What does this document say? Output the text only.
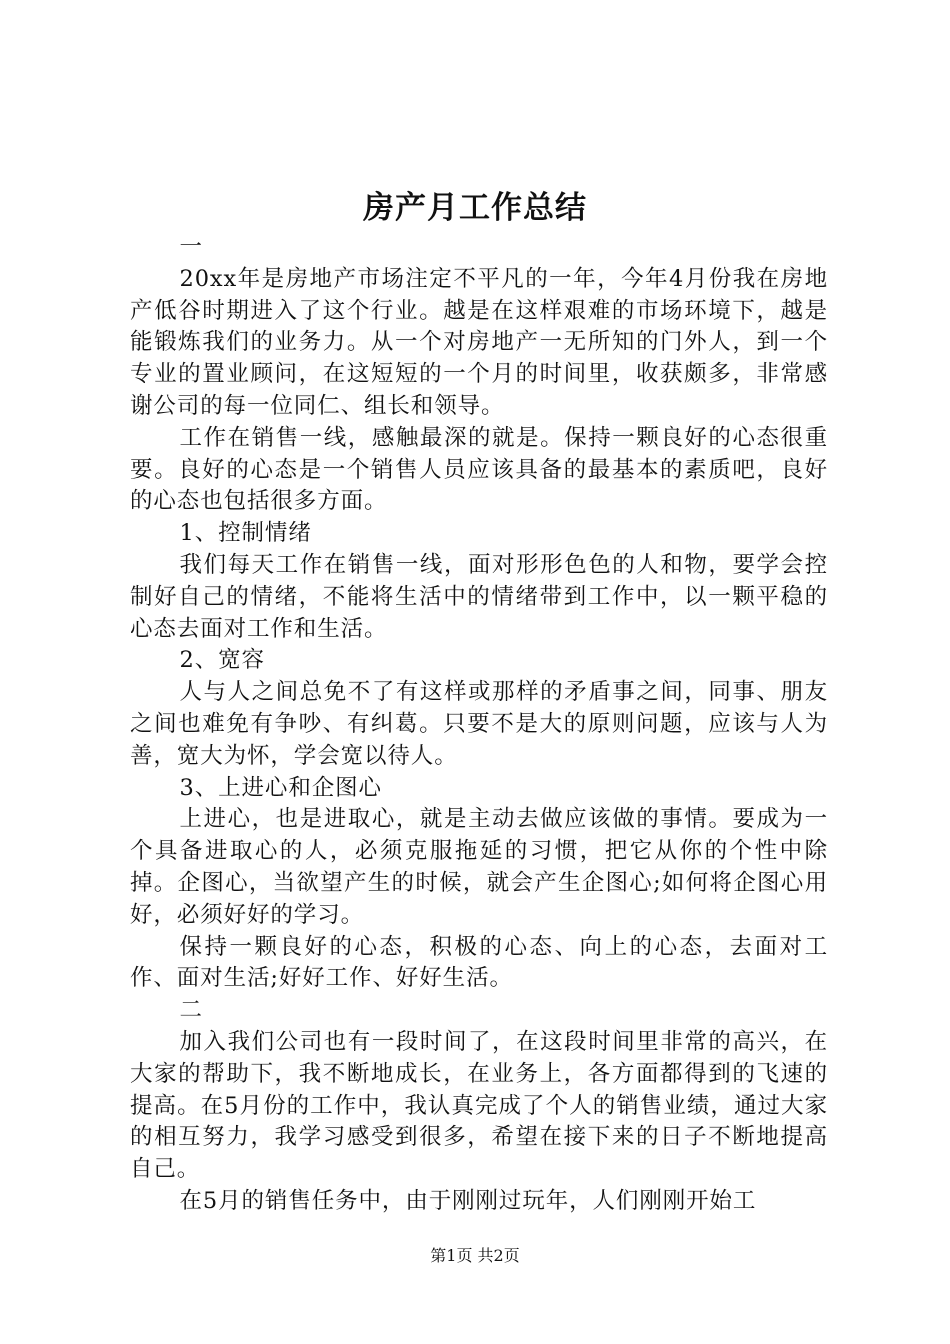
房产月工作总结

一

20xx年是房地产市场注定不平凡的一年，今年4月份我在房地产低谷时期进入了这个行业。越是在这样艰难的市场环境下，越是能锻炼我们的业务力。从一个对房地产一无所知的门外人，到一个专业的置业顾问，在这短短的一个月的时间里，收获颇多，非常感谢公司的每一位同仁、组长和领导。

工作在销售一线，感触最深的就是。保持一颗良好的心态很重要。良好的心态是一个销售人员应该具备的最基本的素质吧，良好的心态也包括很多方面。

1、控制情绪

我们每天工作在销售一线，面对形形色色的人和物，要学会控制好自己的情绪，不能将生活中的情绪带到工作中，以一颗平稳的心态去面对工作和生活。

2、宽容

人与人之间总免不了有这样或那样的矛盾事之间，同事、朋友之间也难免有争吵、有纠葛。只要不是大的原则问题，应该与人为善，宽大为怀，学会宽以待人。

3、上进心和企图心

上进心，也是进取心，就是主动去做应该做的事情。要成为一个具备进取心的人，必须克服拖延的习惯，把它从你的个性中除掉。企图心，当欲望产生的时候，就会产生企图心;如何将企图心用好，必须好好的学习。

保持一颗良好的心态，积极的心态、向上的心态，去面对工作、面对生活;好好工作、好好生活。

二

加入我们公司也有一段时间了，在这段时间里非常的高兴，在大家的帮助下，我不断地成长，在业务上，各方面都得到的飞速的提高。在5月份的工作中，我认真完成了个人的销售业绩，通过大家的相互努力，我学习感受到很多，希望在接下来的日子不断地提高自己。

在5月的销售任务中，由于刚刚过玩年，人们刚刚开始工

第1页 共2页
